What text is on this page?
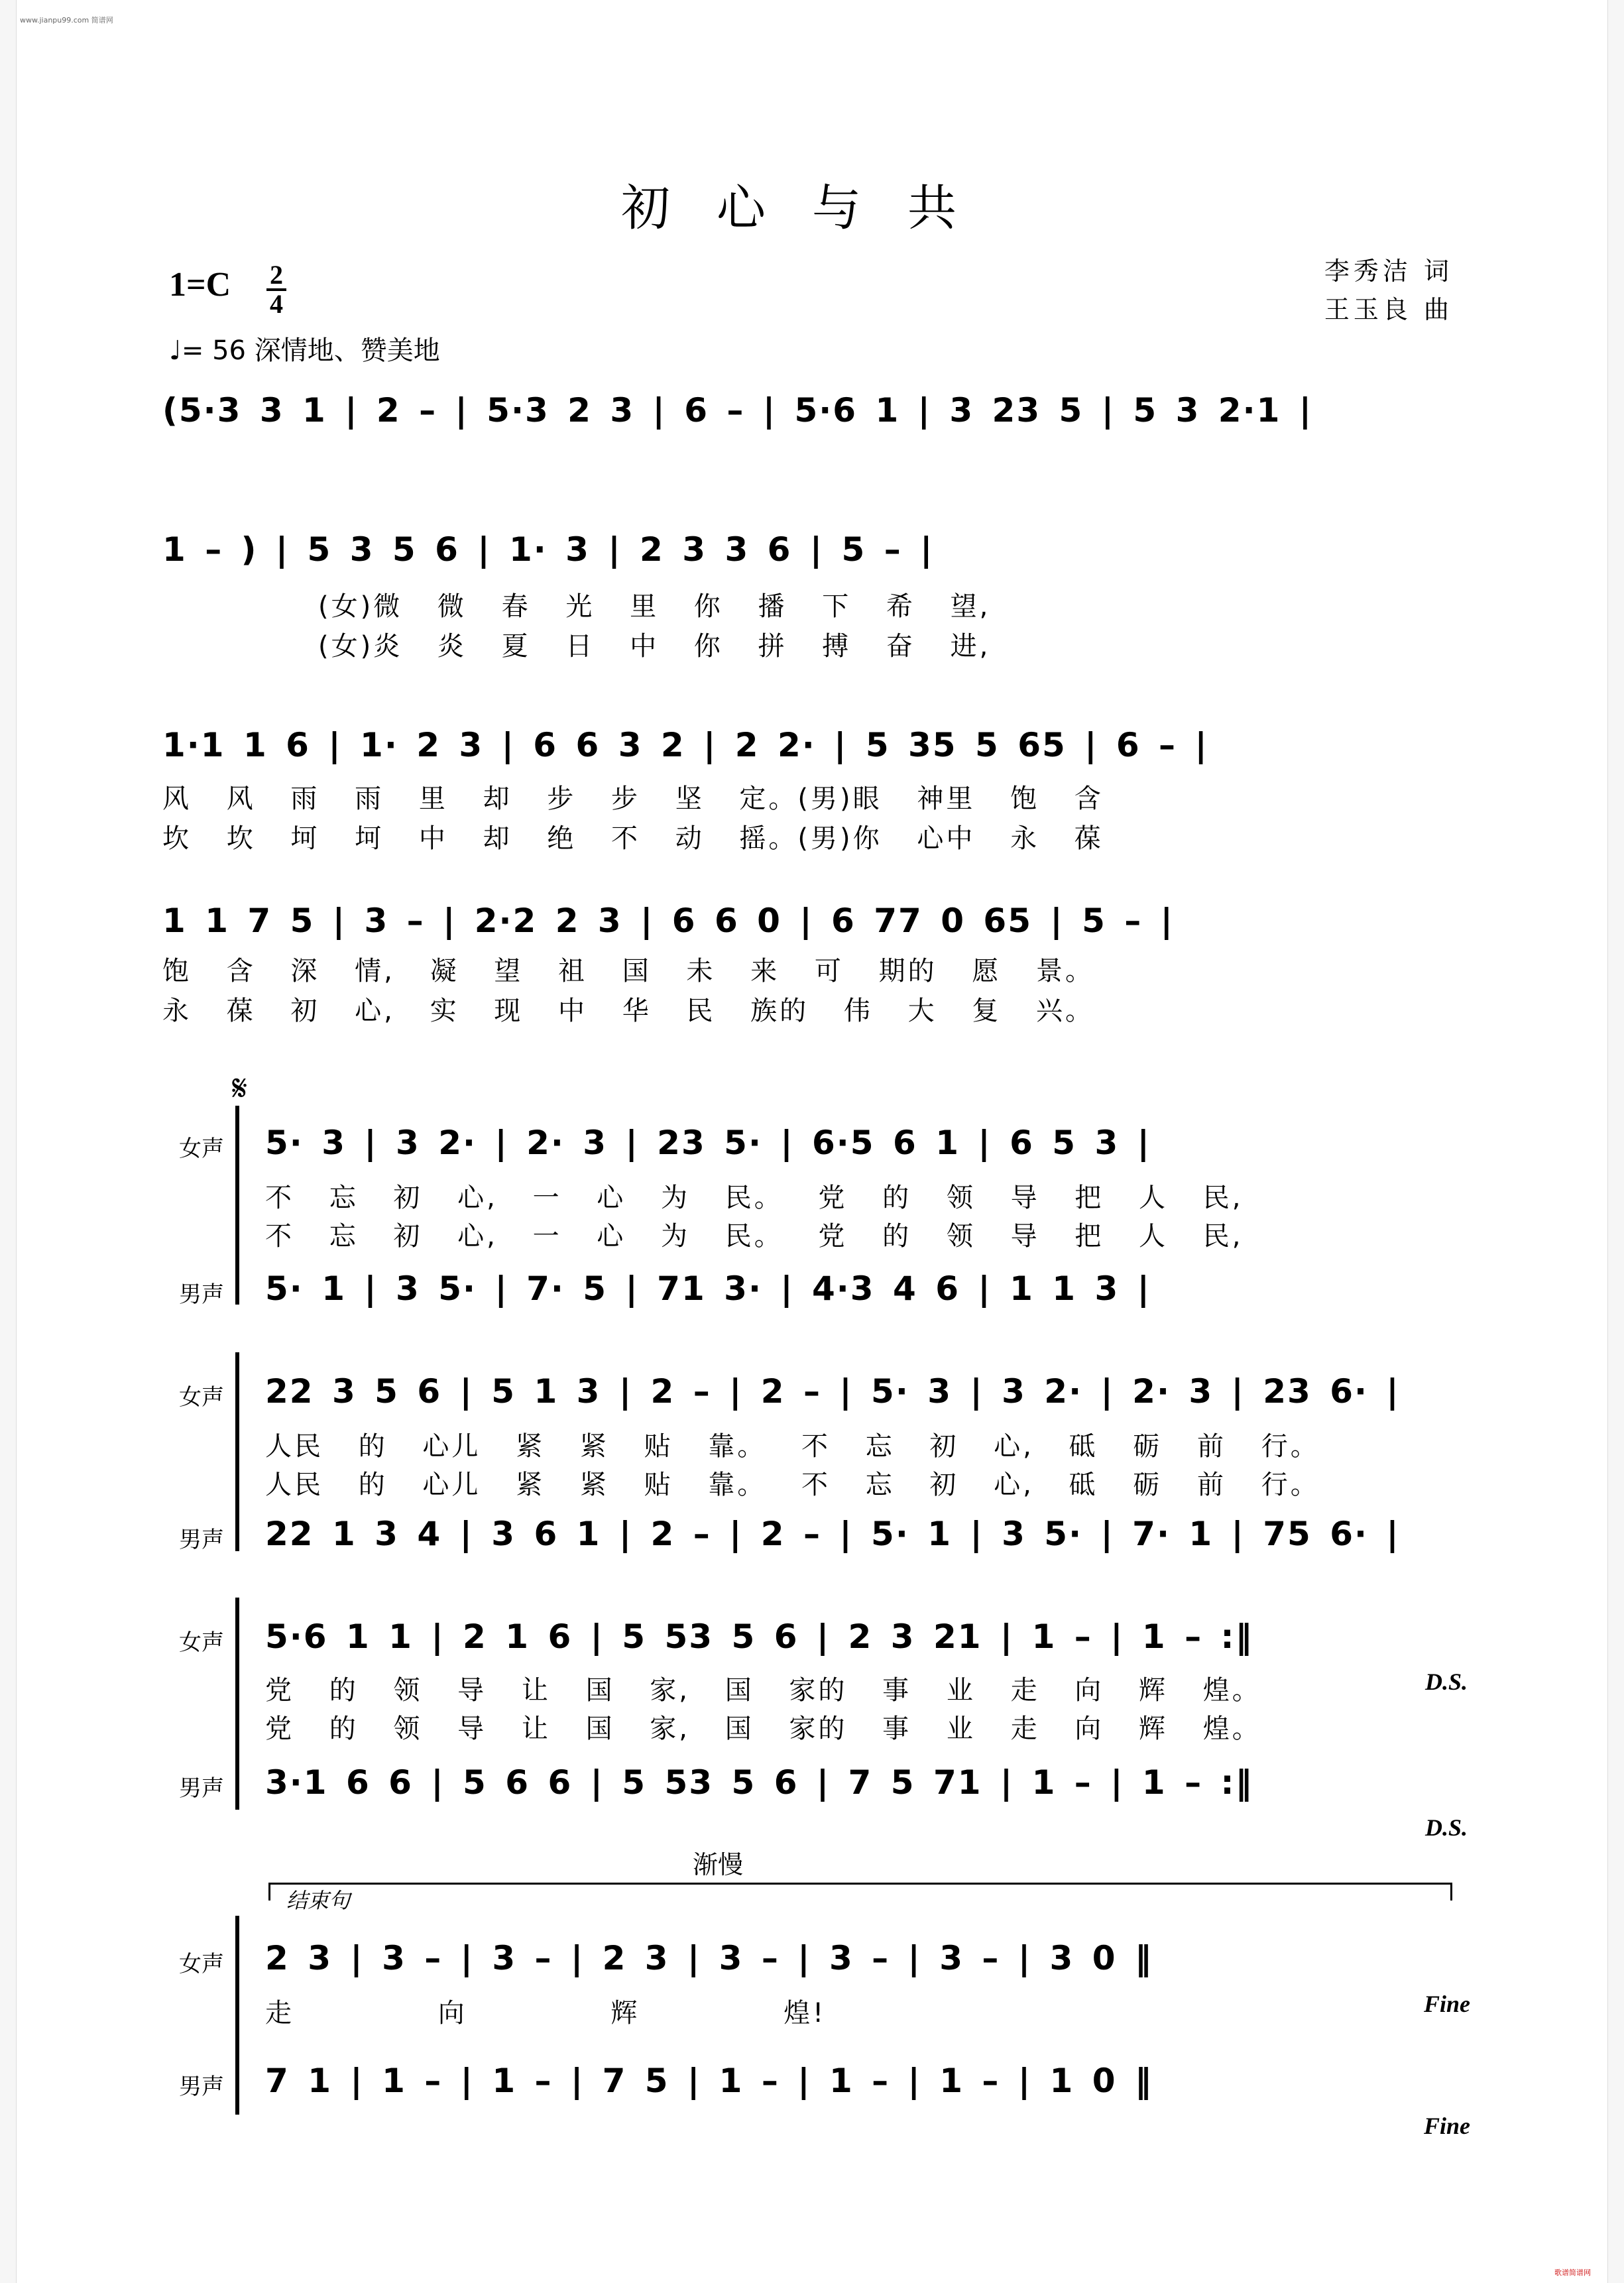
www.jianpu99.com 简谱网
歌谱简谱网
初心与共
1=C 2
4
♩= 56 深情地、赞美地
李秀洁 词
王玉良 曲
(5·3 3 1 | 2 – | 5·3 2 3 | 6 – | 5·6 1 | 3 23 5 | 5 3 2·1 |
1 – ) | 5 3 5 6 | 1· 3 | 2 3 3 6 | 5 – |
(女)微 微 春 光 里 你 播 下 希 望,
(女)炎 炎 夏 日 中 你 拼 搏 奋 进,
1·1 1 6 | 1· 2 3 | 6 6 3 2 | 2 2· | 5 35 5 65 | 6 – |
风 风 雨 雨 里 却 步 步 坚 定。(男)眼 神里 饱 含
坎 坎 坷 坷 中 却 绝 不 动 摇。(男)你 心中 永 葆
1 1 7 5 | 3 – | 2·2 2 3 | 6 6 0 | 6 77 0 65 | 5 – |
饱 含 深 情, 凝 望 祖 国 未 来 可 期的 愿 景。
永 葆 初 心, 实 现 中 华 民 族的 伟 大 复 兴。
𝄋
女声 5· 3 | 3 2· | 2· 3 | 23 5· | 6·5 6 1 | 6 5 3 |
不 忘 初 心, 一 心 为 民。 党 的 领 导 把 人 民,
不 忘 初 心, 一 心 为 民。 党 的 领 导 把 人 民,
男声 5· 1 | 3 5· | 7· 5 | 71 3· | 4·3 4 6 | 1 1 3 |
女声 22 3 5 6 | 5 1 3 | 2 – | 2 – | 5· 3 | 3 2· | 2· 3 | 23 6· |
人民 的 心儿 紧 紧 贴 靠。 不 忘 初 心, 砥 砺 前 行。
人民 的 心儿 紧 紧 贴 靠。 不 忘 初 心, 砥 砺 前 行。
男声 22 1 3 4 | 3 6 1 | 2 – | 2 – | 5· 1 | 3 5· | 7· 1 | 75 6· |
女声 5·6 1 1 | 2 1 6 | 5 53 5 6 | 2 3 21 | 1 – | 1 – :‖
党 的 领 导 让 国 家, 国 家的 事 业 走 向 辉 煌。
党 的 领 导 让 国 家, 国 家的 事 业 走 向 辉 煌。
D.S.
男声 3·1 6 6 | 5 6 6 | 5 53 5 6 | 7 5 71 | 1 – | 1 – :‖
D.S.
渐慢
结束句
女声 2 3 | 3 – | 3 – | 2 3 | 3 – | 3 – | 3 – | 3 0 ‖
走 向 辉 煌!	Fine
男声 7 1 | 1 – | 1 – | 7 5 | 1 – | 1 – | 1 – | 1 0 ‖
Fine
